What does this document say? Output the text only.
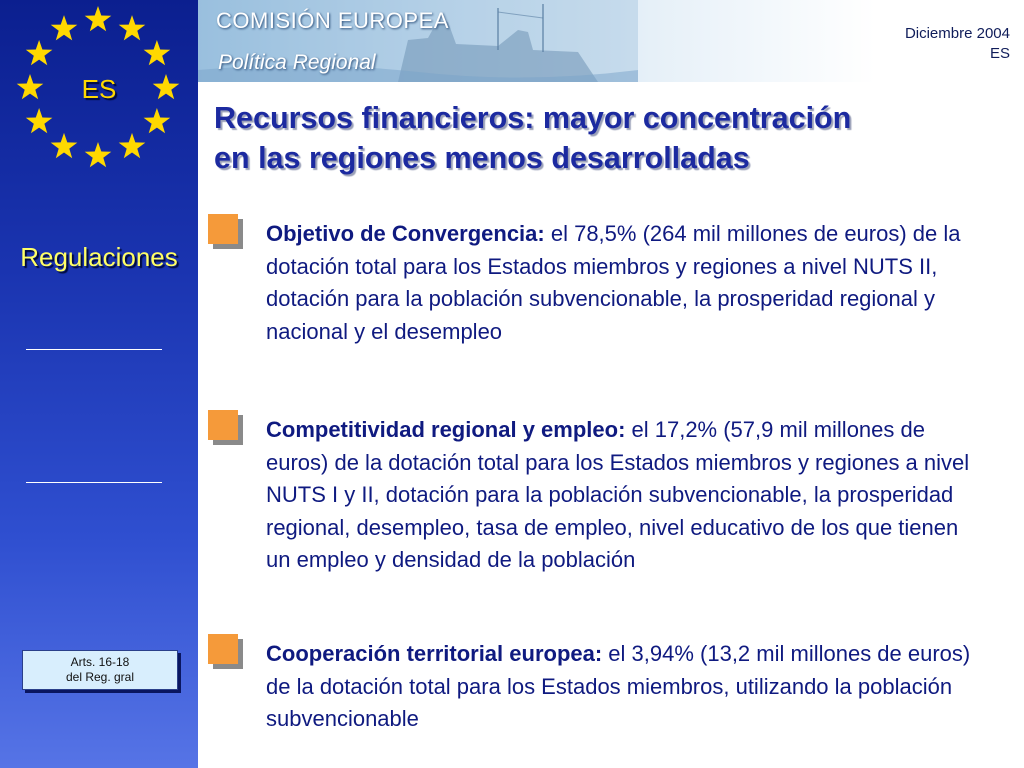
ES
Regulaciones
Arts. 16-18
del Reg. gral
COMISIÓN EUROPEA
Política Regional
Diciembre 2004
ES
Recursos financieros: mayor concentración
en las regiones menos desarrolladas
Objetivo de Convergencia: el 78,5% (264 mil millones de euros) de la dotación total para los Estados miembros y regiones a nivel NUTS II, dotación para la población subvencionable, la prosperidad regional y nacional y el desempleo
Competitividad regional y empleo: el 17,2% (57,9 mil millones de euros) de la dotación total para los Estados miembros y regiones a nivel NUTS I y II, dotación para la población subvencionable, la prosperidad regional, desempleo, tasa de empleo, nivel educativo de los que tienen un empleo y densidad de la población
Cooperación territorial europea: el 3,94% (13,2 mil millones de euros) de la dotación total para los Estados miembros, utilizando la población subvencionable
